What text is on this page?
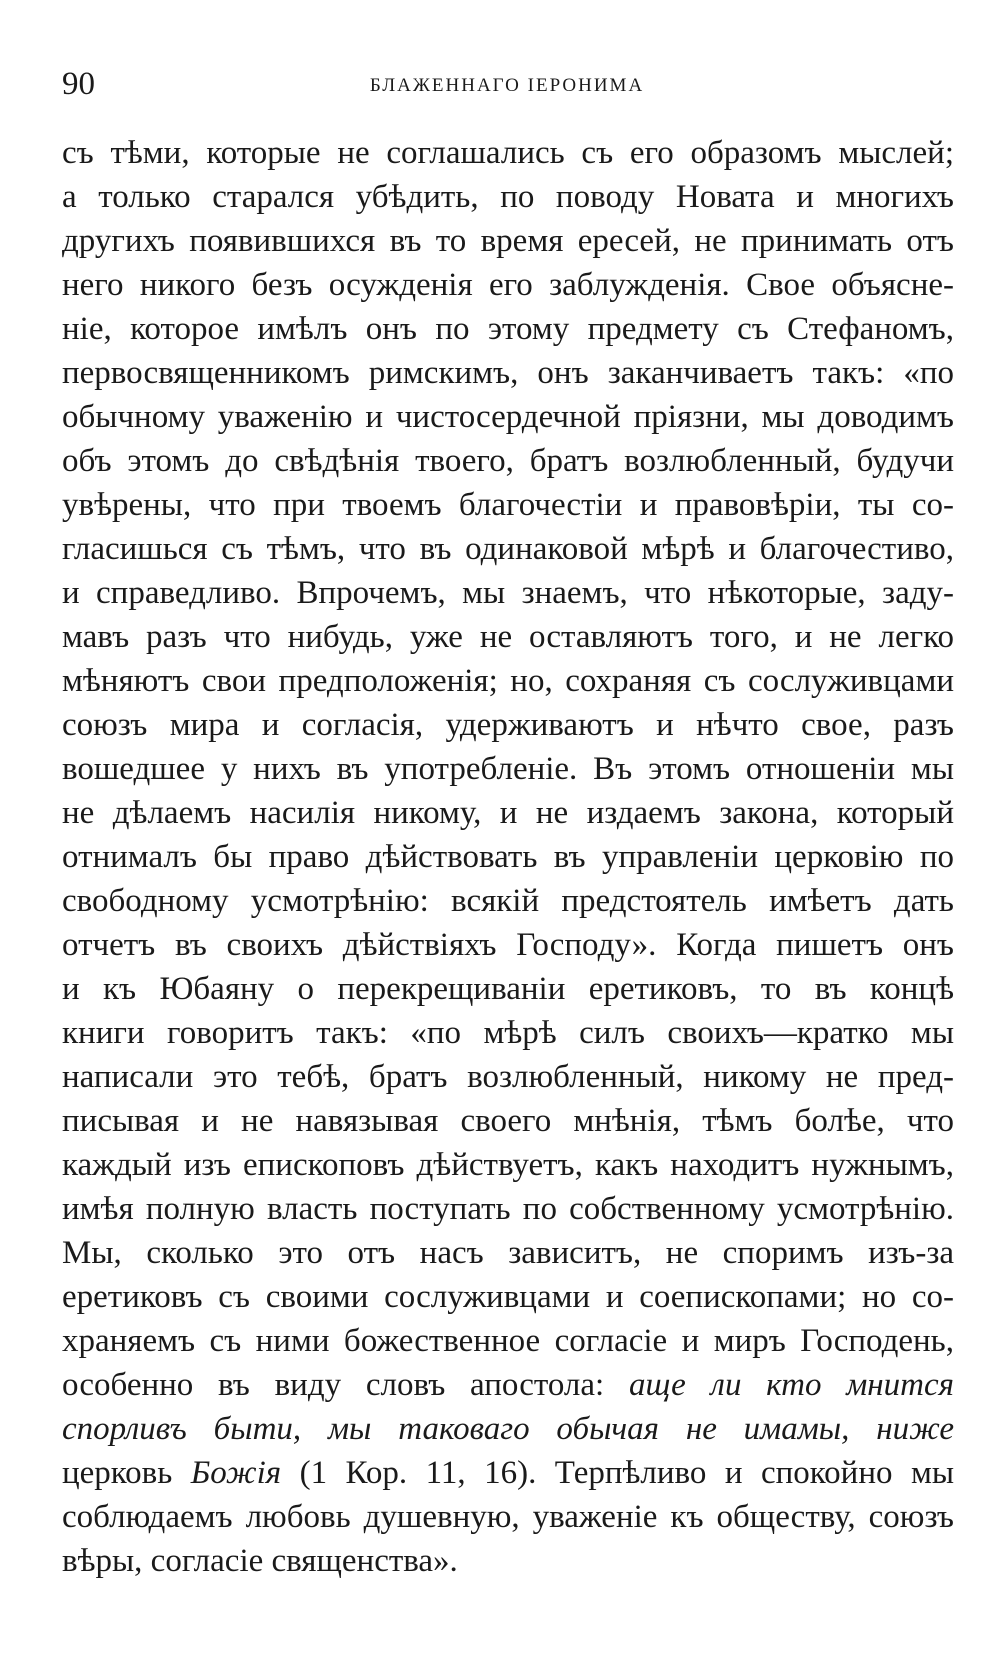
90	БЛАЖЕННАГО ІЕРОНИМА
съ тѣми, которые не соглашались съ его образомъ мыслей;
а только старался убѣдить, по поводу Новата и многихъ
другихъ появившихся въ то время ересей, не принимать отъ
него никого безъ осужденія его заблужденія. Свое объясне-
ніе, которое имѣлъ онъ по этому предмету съ Стефаномъ,
первосвященникомъ римскимъ, онъ заканчиваетъ такъ: «по
обычному уваженію и чистосердечной пріязни, мы доводимъ
объ этомъ до свѣдѣнія твоего, братъ возлюбленный, будучи
увѣрены, что при твоемъ благочестіи и правовѣріи, ты со-
гласишься съ тѣмъ, что въ одинаковой мѣрѣ и благочестиво,
и справедливо. Впрочемъ, мы знаемъ, что нѣкоторые, заду-
мавъ разъ что нибудь, уже не оставляютъ того, и не легко
мѣняютъ свои предположенія; но, сохраняя съ сослуживцами
союзъ мира и согласія, удерживаютъ и нѣчто свое, разъ
вошедшее у нихъ въ употребленіе. Въ этомъ отношеніи мы
не дѣлаемъ насилія никому, и не издаемъ закона, который
отнималъ бы право дѣйствовать въ управленіи церковію по
свободному усмотрѣнію: всякій предстоятель имѣетъ дать
отчетъ въ своихъ дѣйствіяхъ Господу». Когда пишетъ онъ
и къ Юбаяну о перекрещиваніи еретиковъ, то въ концѣ
книги говоритъ такъ: «по мѣрѣ силъ своихъ—кратко мы
написали это тебѣ, братъ возлюбленный, никому не пред-
писывая и не навязывая своего мнѣнія, тѣмъ болѣе, что
каждый изъ епископовъ дѣйствуетъ, какъ находитъ нужнымъ,
имѣя полную власть поступать по собственному усмотрѣнію.
Мы, сколько это отъ насъ зависитъ, не споримъ изъ-за
еретиковъ съ своими сослуживцами и соепископами; но со-
храняемъ съ ними божественное согласіе и миръ Господень,
особенно въ виду словъ апостола: аще ли кто мнится
спорливъ быти, мы таковаго обычая не имамы, ниже
церковь Божія (1 Кор. 11, 16). Терпѣливо и спокойно мы
соблюдаемъ любовь душевную, уваженіе къ обществу, союзъ
вѣры, согласіе священства».
